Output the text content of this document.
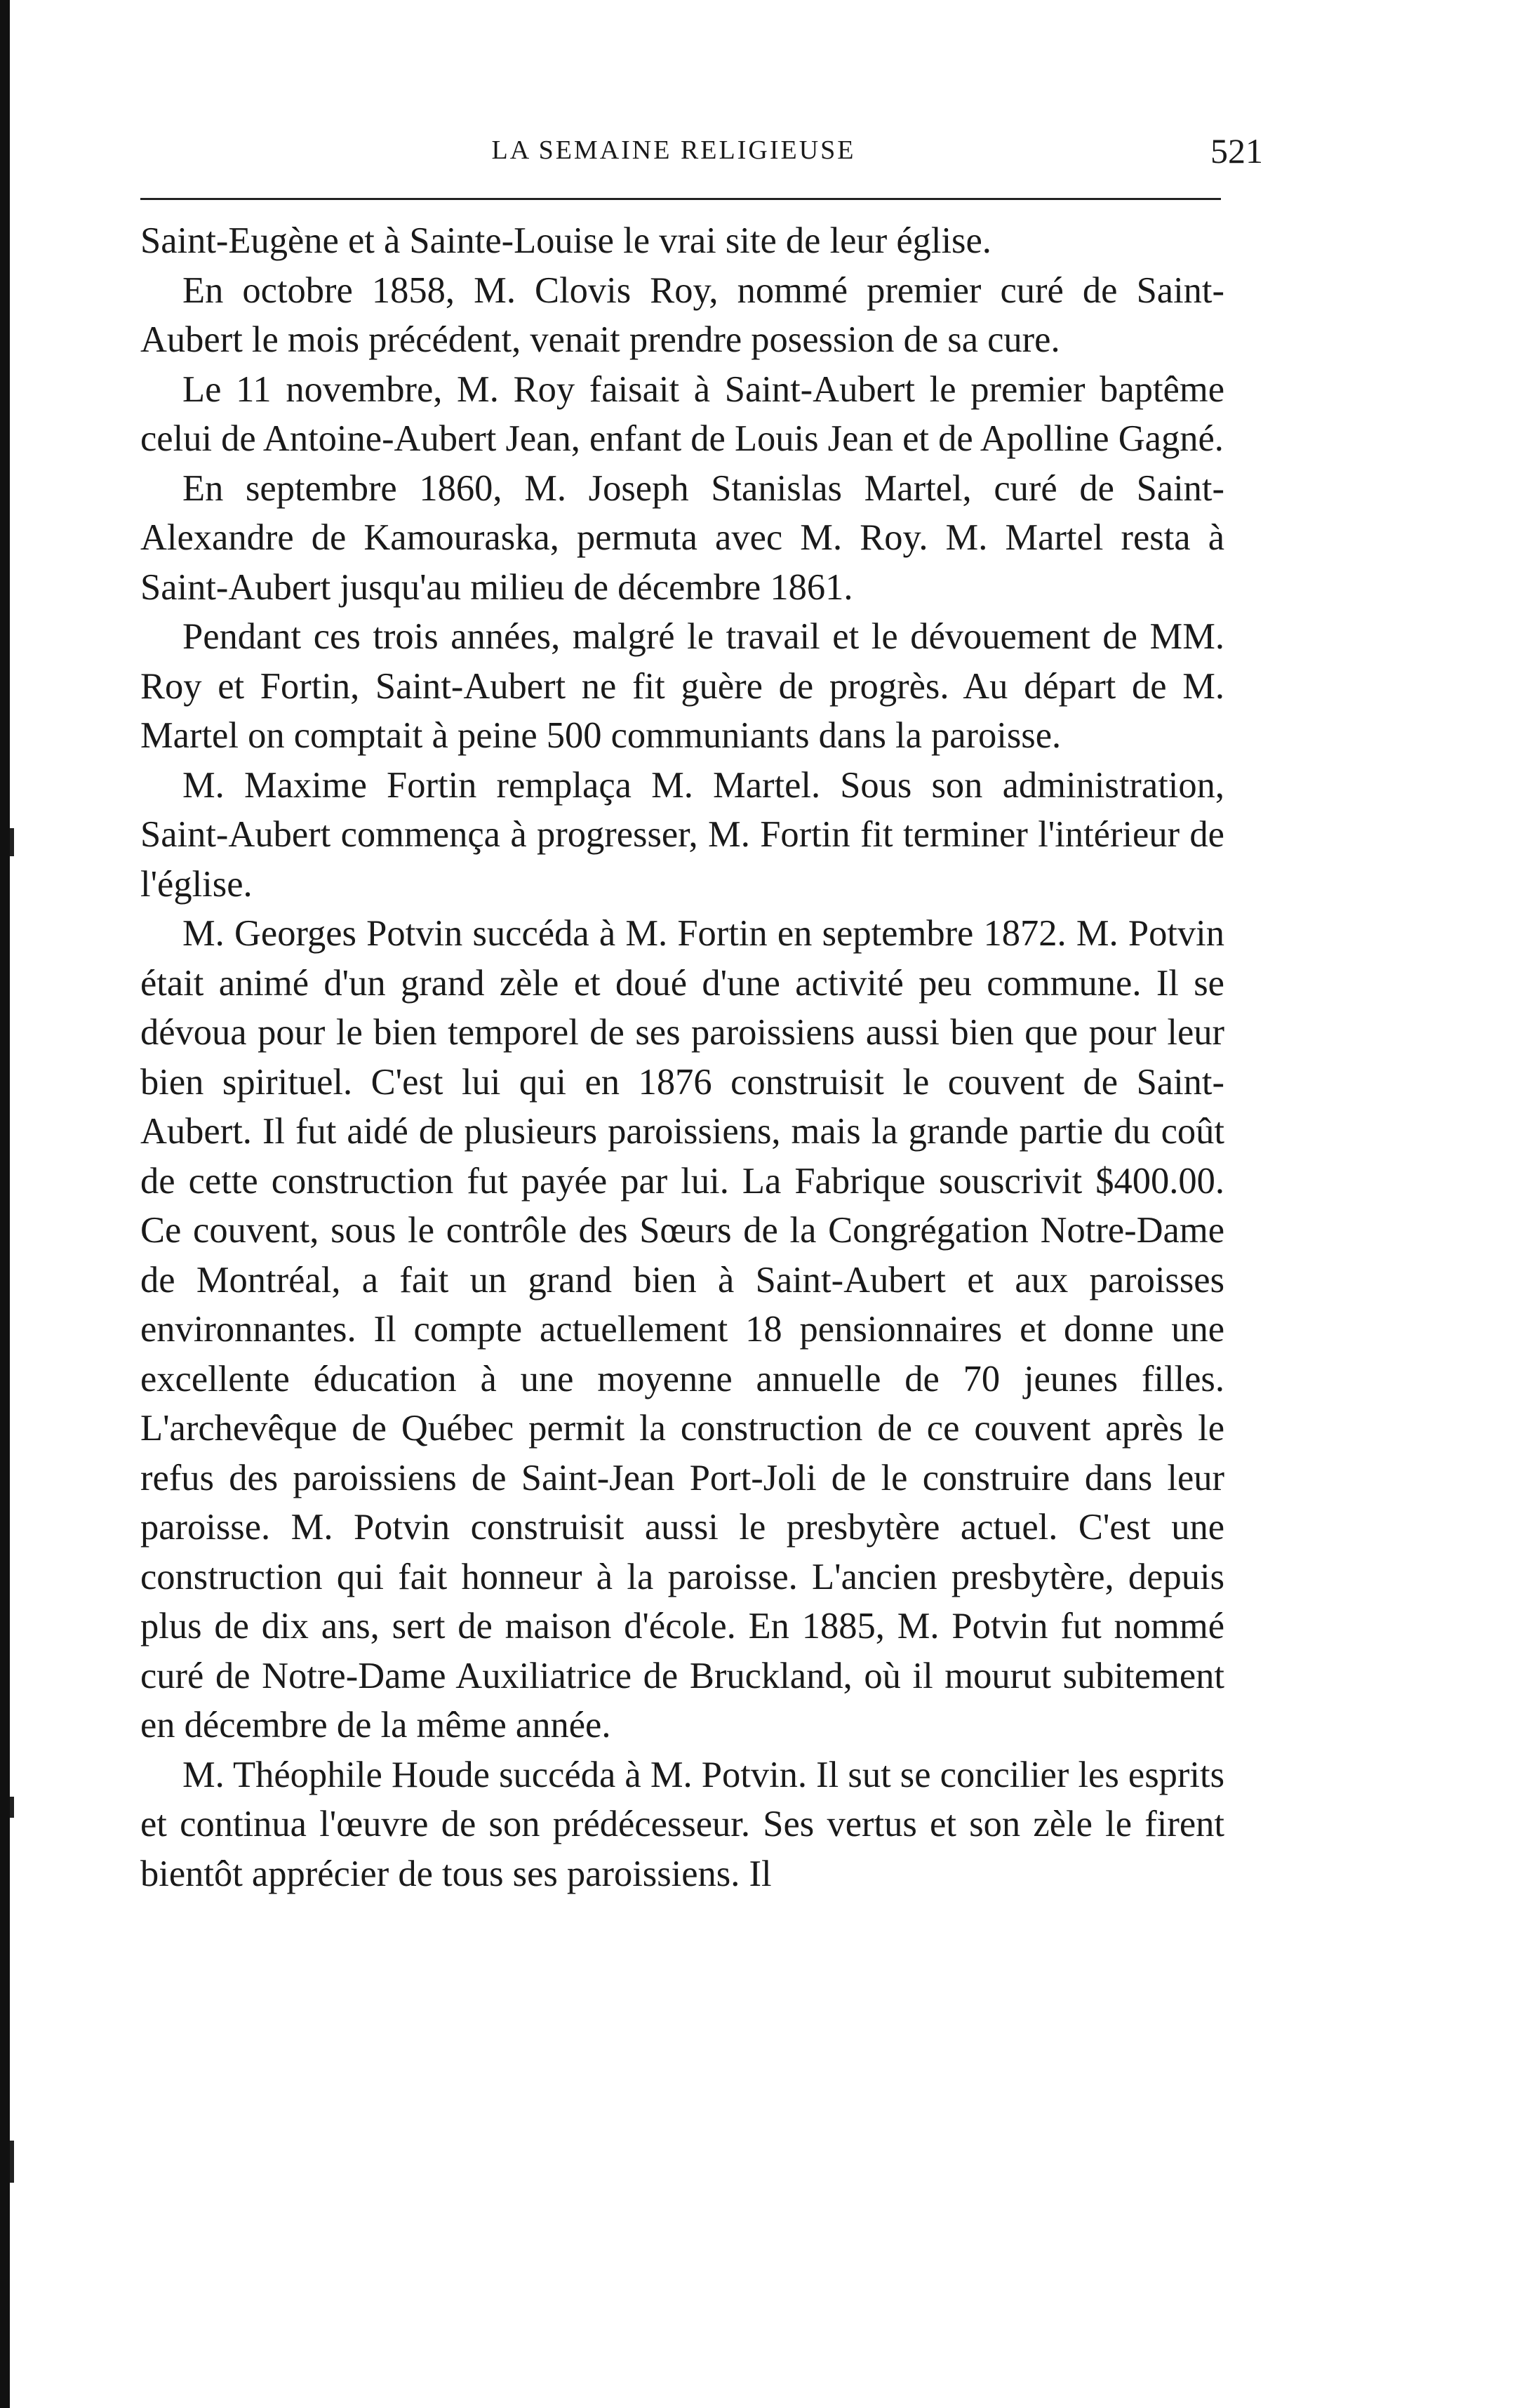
LA SEMAINE RELIGIEUSE	521

Saint-Eugène et à Sainte-Louise le vrai site de leur église.

En octobre 1858, M. Clovis Roy, nommé premier curé de Saint-Aubert le mois précédent, venait prendre posession de sa cure.

Le 11 novembre, M. Roy faisait à Saint-Aubert le premier baptême celui de Antoine-Aubert Jean, enfant de Louis Jean et de Apolline Gagné.

En septembre 1860, M. Joseph Stanislas Martel, curé de Saint-Alexandre de Kamouraska, permuta avec M. Roy. M. Martel resta à Saint-Aubert jusqu'au milieu de décembre 1861.

Pendant ces trois années, malgré le travail et le dévouement de MM. Roy et Fortin, Saint-Aubert ne fit guère de progrès. Au départ de M. Martel on comptait à peine 500 communiants dans la paroisse.

M. Maxime Fortin remplaça M. Martel. Sous son administration, Saint-Aubert commença à progresser, M. Fortin fit terminer l'intérieur de l'église.

M. Georges Potvin succéda à M. Fortin en septembre 1872. M. Potvin était animé d'un grand zèle et doué d'une activité peu commune. Il se dévoua pour le bien temporel de ses paroissiens aussi bien que pour leur bien spirituel. C'est lui qui en 1876 construisit le couvent de Saint-Aubert. Il fut aidé de plusieurs paroissiens, mais la grande partie du coût de cette construction fut payée par lui. La Fabrique souscrivit $400.00. Ce couvent, sous le contrôle des Sœurs de la Congrégation Notre-Dame de Montréal, a fait un grand bien à Saint-Aubert et aux paroisses environnantes. Il compte actuellement 18 pensionnaires et donne une excellente éducation à une moyenne annuelle de 70 jeunes filles. L'archevêque de Québec permit la construction de ce couvent après le refus des paroissiens de Saint-Jean Port-Joli de le construire dans leur paroisse. M. Potvin construisit aussi le presbytère actuel. C'est une construction qui fait honneur à la paroisse. L'ancien presbytère, depuis plus de dix ans, sert de maison d'école. En 1885, M. Potvin fut nommé curé de Notre-Dame Auxiliatrice de Bruckland, où il mourut subitement en décembre de la même année.

M. Théophile Houde succéda à M. Potvin. Il sut se concilier les esprits et continua l'œuvre de son prédécesseur. Ses vertus et son zèle le firent bientôt apprécier de tous ses paroissiens. Il
